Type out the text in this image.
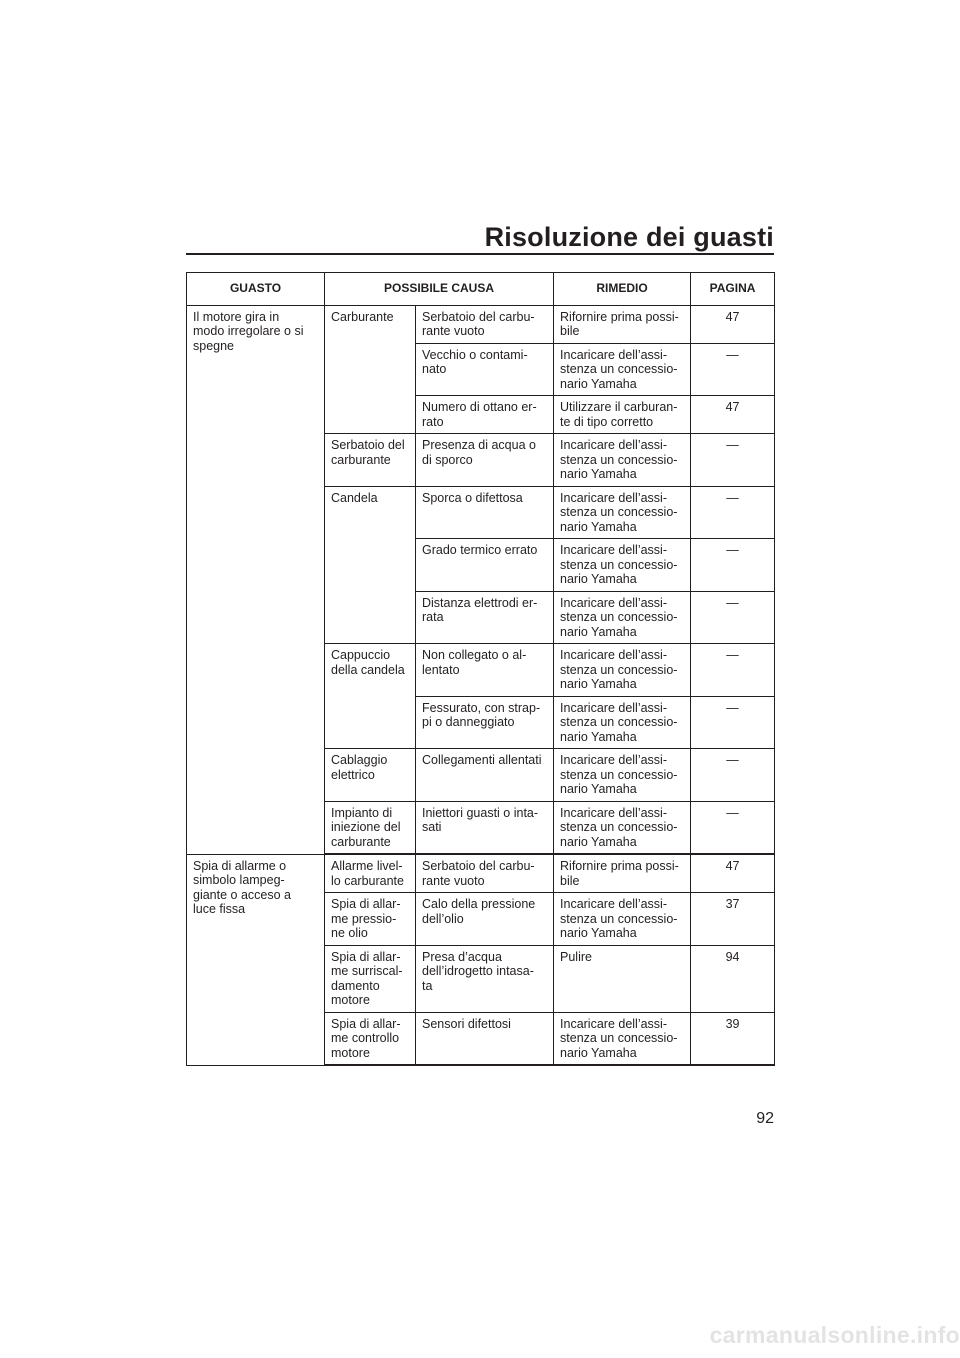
Risoluzione dei guasti
GUASTO	POSSIBILE CAUSA		RIMEDIO	PAGINA
Il motore gira in
modo irregolare o si
spegne	Carburante	Serbatoio del carbu-
rante vuoto	Rifornire prima possi-
bile	47
		Vecchio o contami-
nato	Incaricare dell’assi-
stenza un concessio-
nario Yamaha	—
		Numero di ottano er-
rato	Utilizzare il carburan-
te di tipo corretto	47
	Serbatoio del
carburante	Presenza di acqua o
di sporco	Incaricare dell’assi-
stenza un concessio-
nario Yamaha	—
	Candela	Sporca o difettosa	Incaricare dell’assi-
stenza un concessio-
nario Yamaha	—
		Grado termico errato	Incaricare dell’assi-
stenza un concessio-
nario Yamaha	—
		Distanza elettrodi er-
rata	Incaricare dell’assi-
stenza un concessio-
nario Yamaha	—
	Cappuccio
della candela	Non collegato o al-
lentato	Incaricare dell’assi-
stenza un concessio-
nario Yamaha	—
		Fessurato, con strap-
pi o danneggiato	Incaricare dell’assi-
stenza un concessio-
nario Yamaha	—
	Cablaggio
elettrico	Collegamenti allentati	Incaricare dell’assi-
stenza un concessio-
nario Yamaha	—
	Impianto di
iniezione del
carburante	Iniettori guasti o inta-
sati	Incaricare dell’assi-
stenza un concessio-
nario Yamaha	—
Spia di allarme o
simbolo lampeg-
giante o acceso a
luce fissa	Allarme livel-
lo carburante	Serbatoio del carbu-
rante vuoto	Rifornire prima possi-
bile	47
	Spia di allar-
me pressio-
ne olio	Calo della pressione
dell’olio	Incaricare dell’assi-
stenza un concessio-
nario Yamaha	37
	Spia di allar-
me surriscal-
damento
motore	Presa d’acqua
dell’idrogetto intasa-
ta	Pulire	94
	Spia di allar-
me controllo
motore	Sensori difettosi	Incaricare dell’assi-
stenza un concessio-
nario Yamaha	39
92
carmanualsonline.info
